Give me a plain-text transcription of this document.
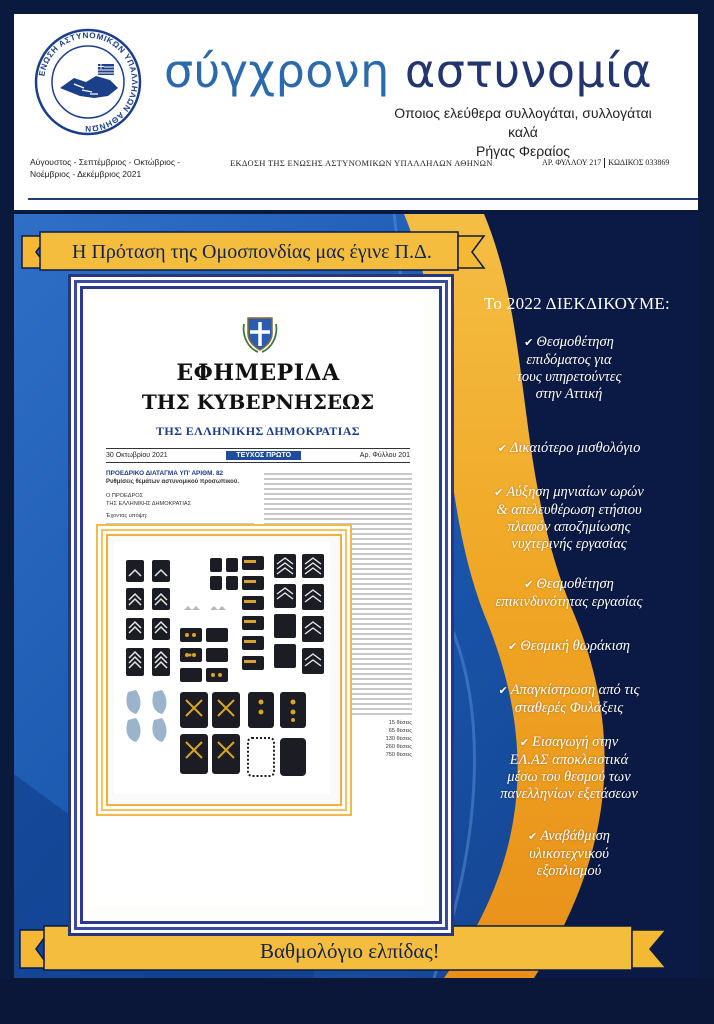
ΕΝΩΣΗ ΑΣΤΥΝΟΜΙΚΩΝ ΥΠΑΛΛΗΛΩΝ ΑΘΗΝΩΝ
σύγχρονη αστυνομία
Οποιος ελεύθερα συλλογάται, συλλογάται καλά
Ρήγας Φεραίος
Αύγουστος - Σεπτέμβριος - Οκτώβριος -
Νοέμβριος - Δεκέμβριος 2021
ΕΚΔΟΣΗ ΤΗΣ ΕΝΩΣΗΣ ΑΣΤΥΝΟΜΙΚΩΝ ΥΠΑΛΛΗΛΩΝ ΑΘΗΝΩΝ	ΑΡ. ΦΥΛΛΟΥ 217 ΚΩΔΙΚΟΣ 033869
Η Πρόταση της Ομοσπονδίας μας έγινε Π.Δ.
Βαθμολόγιο ελπίδας!
ΕΦΗΜΕΡΙΔΑ
ΤΗΣ ΚΥΒΕΡΝΗΣΕΩΣ
ΤΗΣ ΕΛΛΗΝΙΚΗΣ ΔΗΜΟΚΡΑΤΙΑΣ
30 Οκτωβρίου 2021	ΤΕΥΧΟΣ ΠΡΩΤΟ	Αρ. Φύλλου 201
ΠΡΟΕΔΡΙΚΟ ΔΙΑΤΑΓΜΑ ΥΠ' ΑΡΙΘΜ. 82
Ρυθμίσεις θεμάτων αστυνομικού προσωπικού.
Ο ΠΡΟΕΔΡΟΣ
ΤΗΣ ΕΛΛΗΝΙΚΗΣ ΔΗΜΟΚΡΑΤΙΑΣ
Έχοντας υπόψη:
15 θέσεις
65 θέσεις
130 θέσεις
260 θέσεις
750 θέσεις
Το 2022 ΔΙΕΚΔΙΚΟΥΜΕ:
✔ Θεσμοθέτηση
επιδόματος για
τους υπηρετούντες
στην Αττική
✔ Δικαιότερο μισθολόγιο
✔ Αύξηση μηνιαίων ωρών
& απελευθέρωση ετήσιου
πλαφόν αποζημίωσης
νυχτερινής εργασίας
✔ Θεσμοθέτηση
επικινδυνότητας εργασίας
✔ Θεσμική θωράκιση
✔ Απαγκίστρωση από τις
σταθερές Φυλάξεις
✔ Εισαγωγή στην
ΕΛ.ΑΣ αποκλειστικά
μέσω του θεσμού των
πανελληνίων εξετάσεων
✔ Αναβάθμιση
υλικοτεχνικού
εξοπλισμού
